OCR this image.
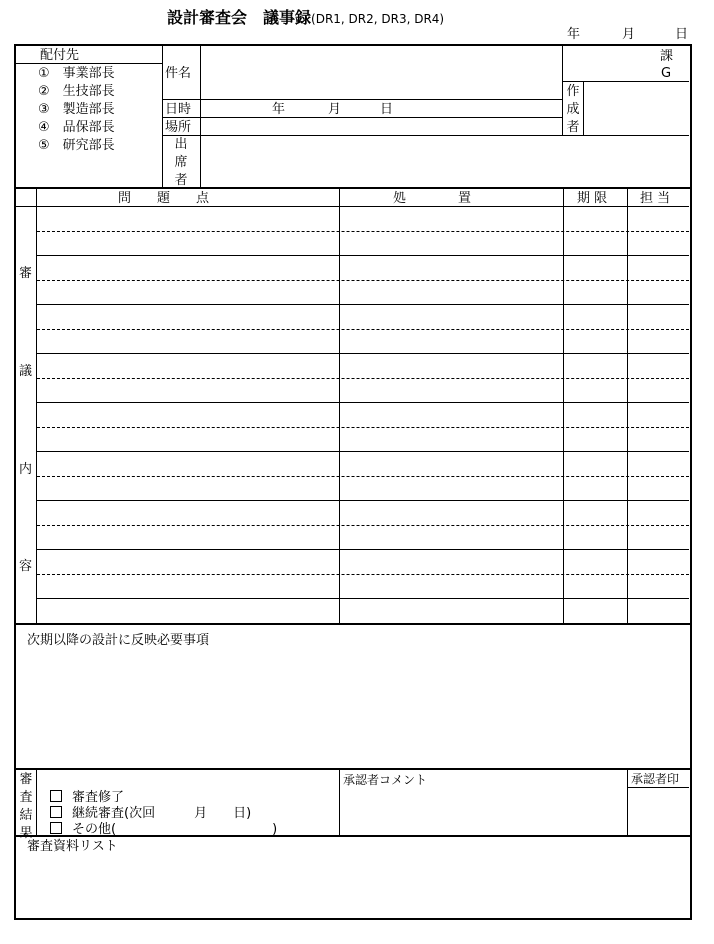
設計審査会　議事録(DR1, DR2, DR3, DR4)
年	月	日
配付先
①　 事業部長
②　 生技部長
③　 製造部長
④　 品保部長
⑤　 研究部長
件名
日時	年	月	日
場所
出
席
者
課
G
作
成
者
問　　題　　点	処　　　　置	期 限	担 当
審
議
内
容
次期以降の設計に反映必要事項
審
査
結
果
審査修了
継続審査(次回　　　月　　日)
その他(　　　　　　　　　　　　)
承認者コメント	承認者印
審査資料リスト
